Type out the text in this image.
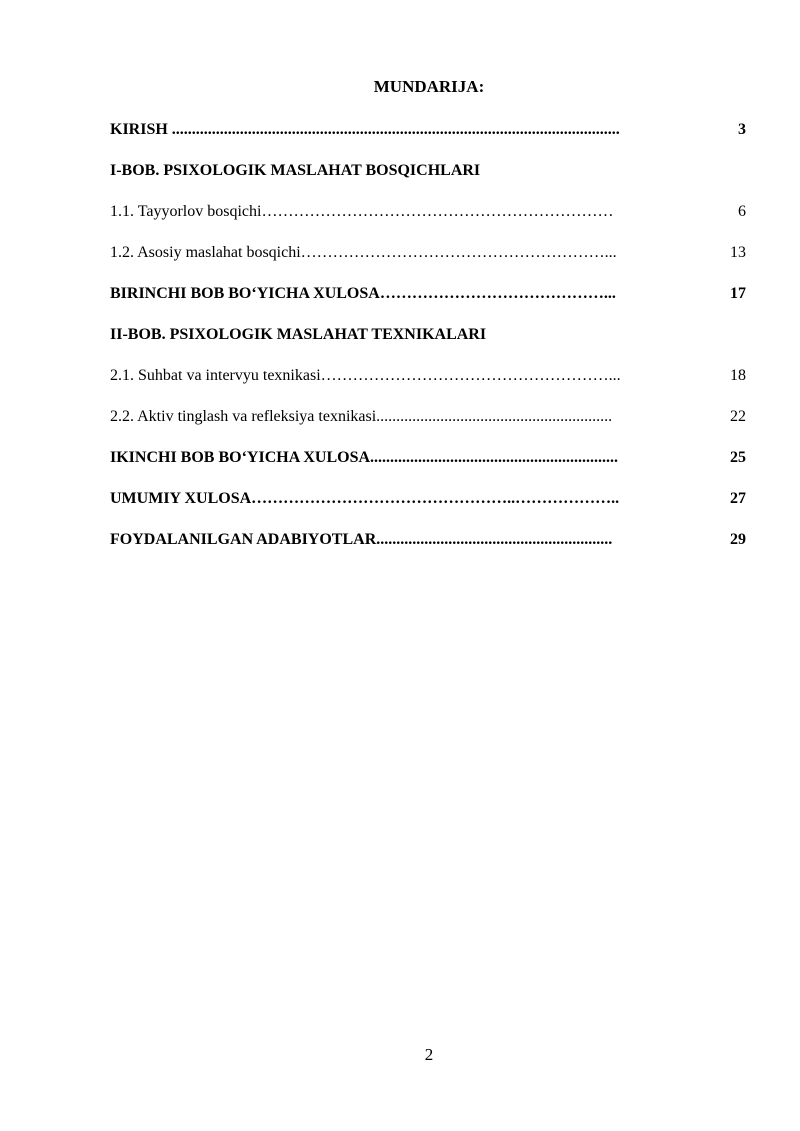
MUNDARIJA:
KIRISH ................................................................................................................	3
I-BOB. PSIXOLOGIK MASLAHAT BOSQICHLARI
1.1. Tayyorlov bosqichi…………………………………………………………	6
1.2. Asosiy maslahat bosqichi…………………………………………………...	13
BIRINCHI BOB BO‘YICHA XULOSA……………………………………...	17
II-BOB. PSIXOLOGIK MASLAHAT TEXNIKALARI
2.1. Suhbat va intervyu texnikasi………………………………………………...	18
2.2. Aktiv tinglash va refleksiya texnikasi...........................................................	22
IKINCHI BOB BO‘YICHA XULOSA..............................................................	25
UMUMIY XULOSA…………………………………………..………………..	27
FOYDALANILGAN ADABIYOTLAR...........................................................	29
2
